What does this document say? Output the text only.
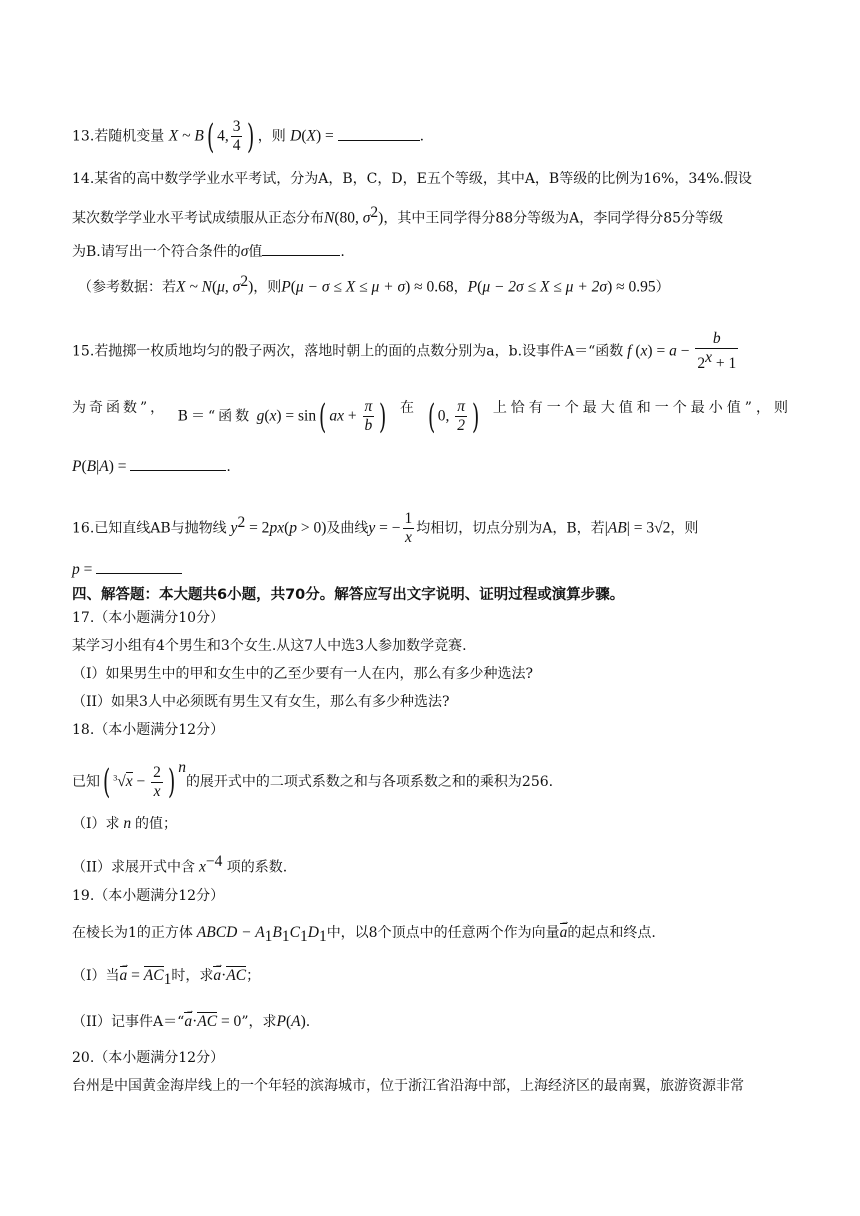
13.若随机变量 X ~ B( 4, $\frac{3}{4}$ ) ，则 D(X) =	.
14.某省的高中数学学业水平考试，分为A，B，C，D，E五个等级，其中A，B等级的比例为16%，34%.假设
某次数学学业水平考试成绩服从正态分布N(80, $\sigma^2$)，其中王同学得分88分等级为A，李同学得分85分等级
为B.请写出一个符合条件的σ值	.
（参考数据：若X ~ N(μ, $\sigma^2$)，则P(μ − σ ≤ X ≤ μ + σ) ≈ 0.68，P(μ − 2σ ≤ X ≤ μ + 2σ) ≈ 0.95）
15.若抛掷一枚质地均匀的骰子两次，落地时朝上的面的点数分别为a，b.设事件A＝“函数 f $(x) = a - \frac{b}{2^x + 1}$
为奇函数”，
B＝“函数 g(x) = sin( ax + $\frac{\pi}{b}$ ) 在 ( 0, $\frac{\pi}{2}$ ) 上恰有一个最大值和一个最小值”，则
P(B|A) =	.
16.已知直线AB与抛物线 $y^2 = 2px(p > 0)$及曲线y = − $\frac{1}{x}$ 均相切，切点分别为A，B，若|AB| = 3√2，则
p =
四、解答题：本大题共6小题，共70分。解答应写出文字说明、证明过程或演算步骤。
17.（本小题满分10分）
某学习小组有4个男生和3个女生.从这7人中选3人参加数学竞赛.
（I）如果男生中的甲和女生中的乙至少要有一人在内，那么有多少种选法?
（II）如果3人中必须既有男生又有女生，那么有多少种选法?
18.（本小题满分12分）
已知( $^3√x - \frac{2}{x}$ ) $^n$的展开式中的二项式系数之和与各项系数之和的乘积为256.
（I）求 n 的值；
（II）求展开式中含 $x^{-4}$ 项的系数.
19.（本小题满分12分）
在棱长为1的正方体 ABCD − $A_1B_1C_1D_1$中，以8个顶点中的任意两个作为向量a →的起点和终点.
（I）当a → = $AC_1$时，求a →·AC；
（II）记事件A＝“a →·AC = 0”，求P(A).
20.（本小题满分12分）
台州是中国黄金海岸线上的一个年轻的滨海城市，位于浙江省沿海中部，上海经济区的最南翼，旅游资源非常
